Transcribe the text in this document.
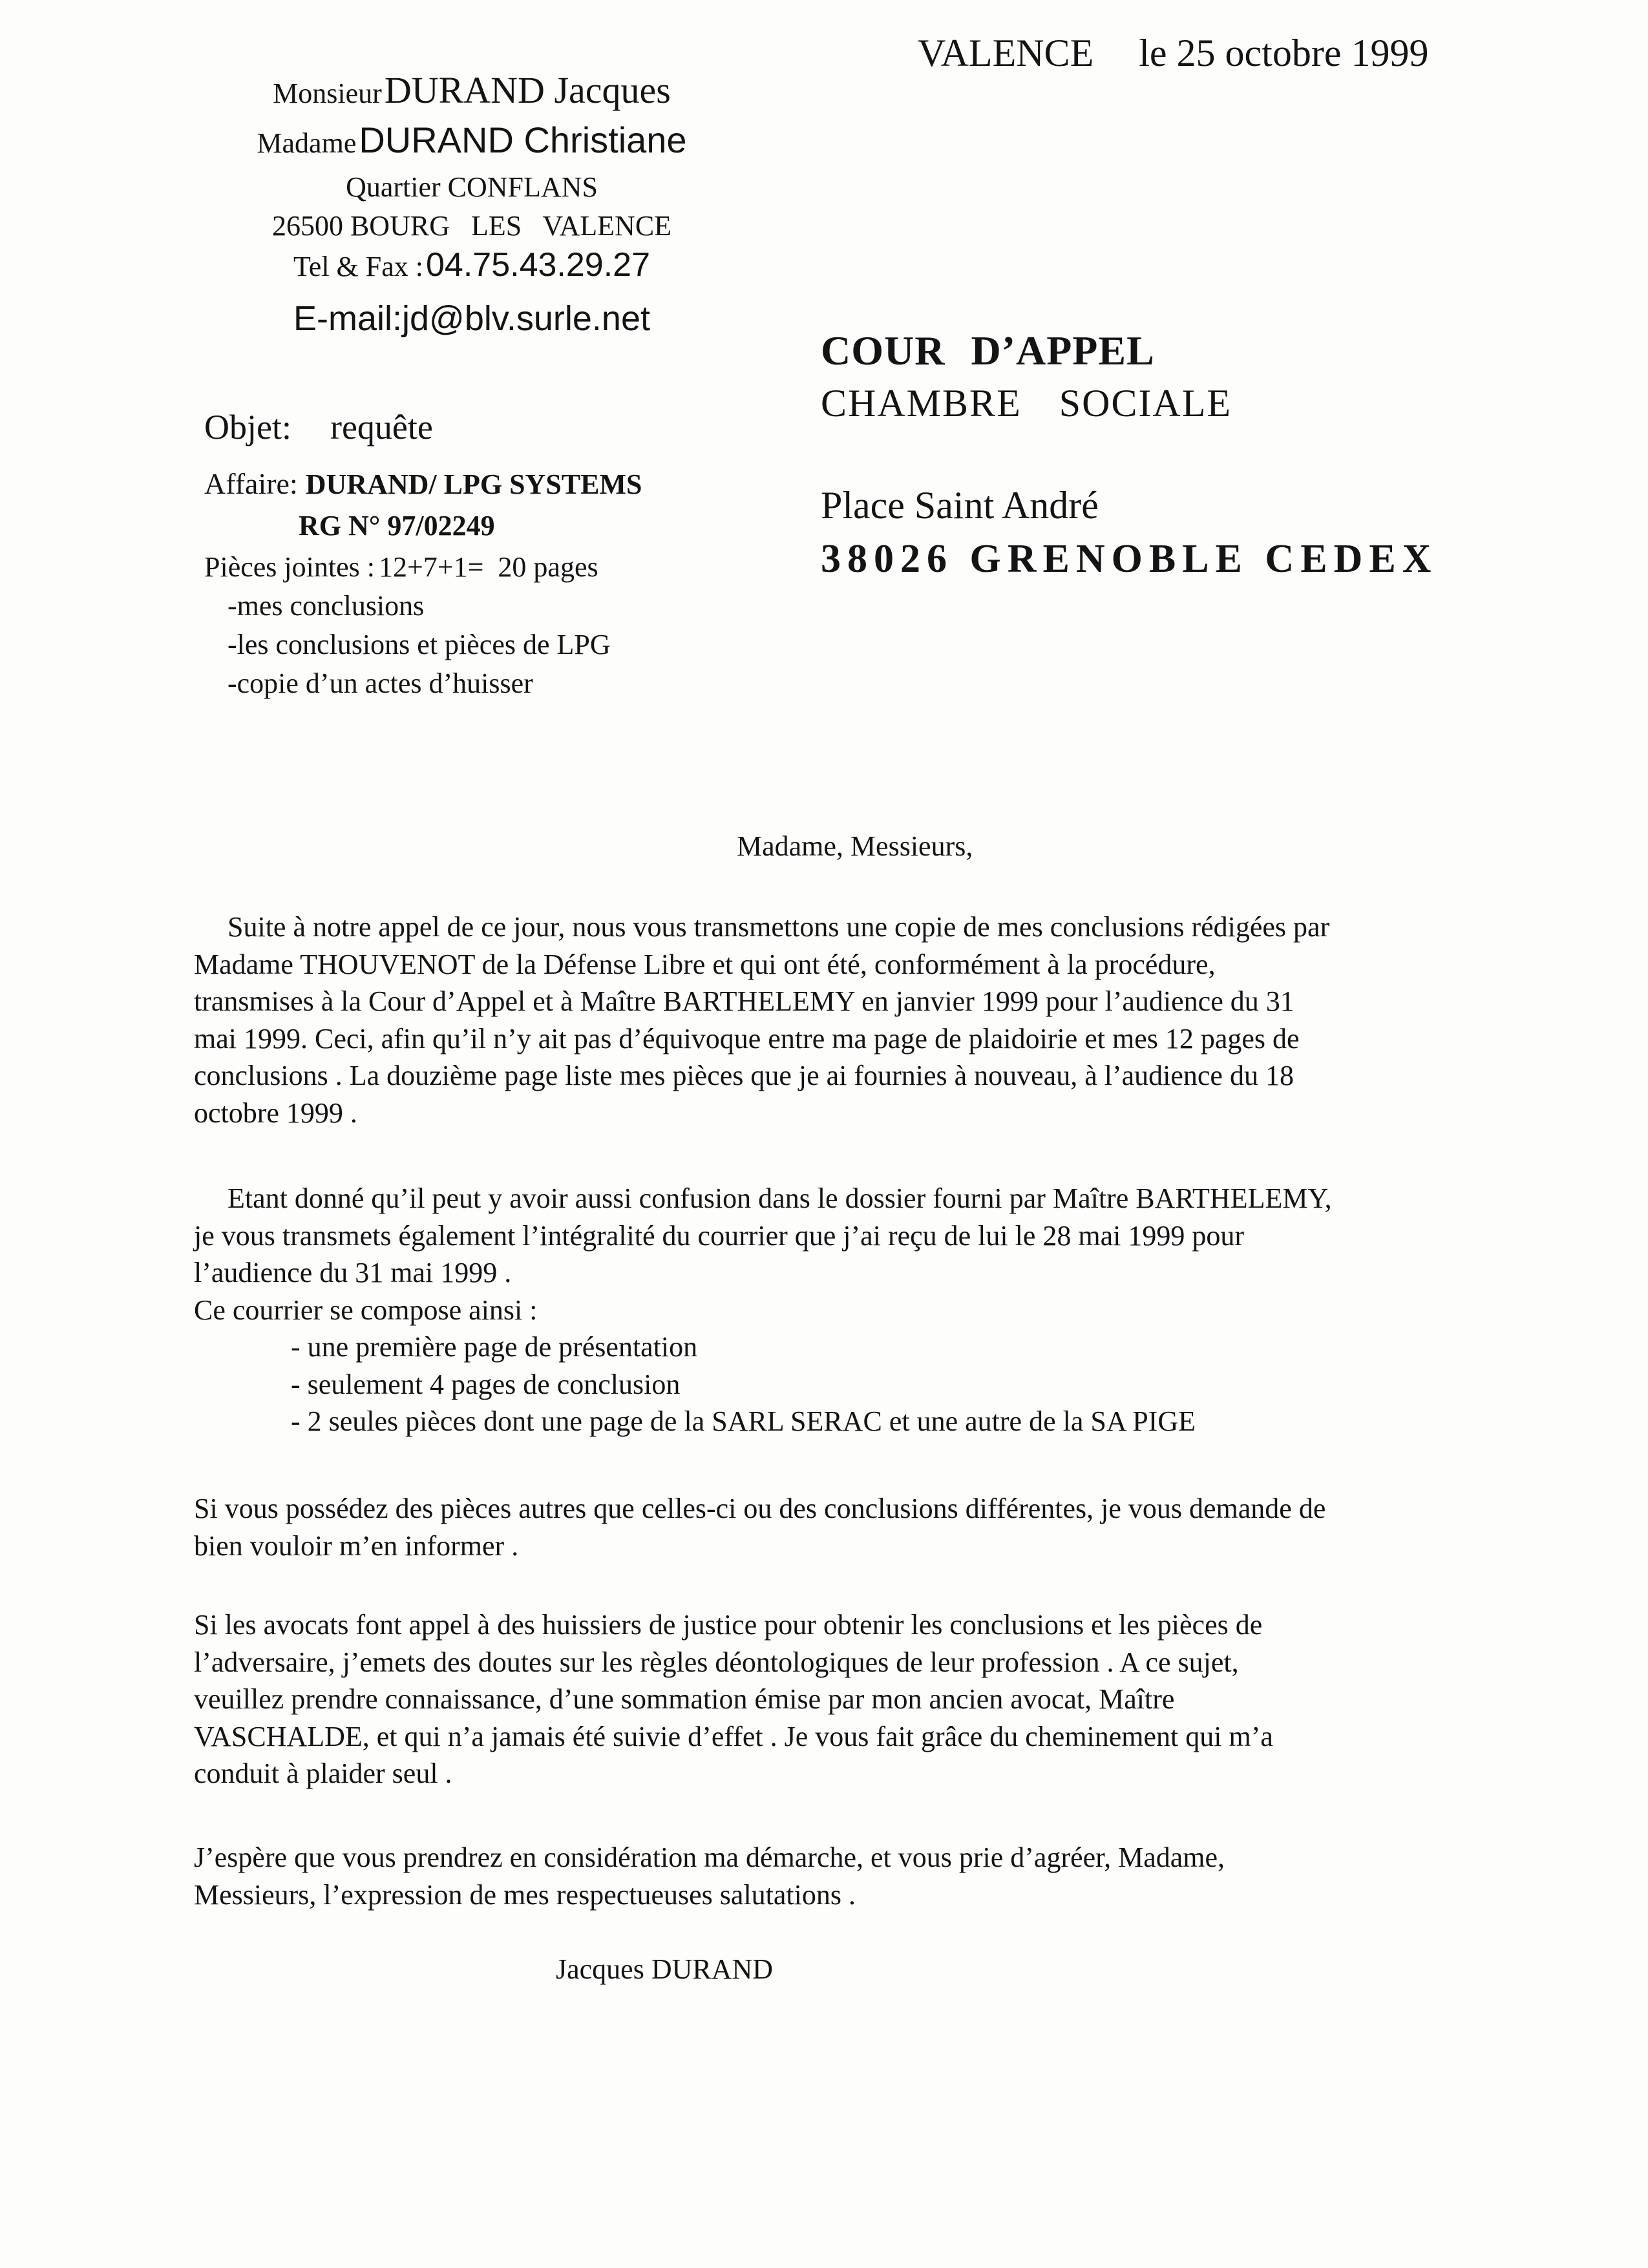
VALENCE le 25 octobre 1999
Monsieur DURAND Jacques
Madame DURAND Christiane
Quartier CONFLANS
26500 BOURG   LES   VALENCE
Tel & Fax : 04.75.43.29.27
E-mail:jd@blv.surle.net
COUR D’APPEL
CHAMBRE SOCIALE
Place Saint André
38026 GRENOBLE CEDEX
Objet: requête
Affaire: DURAND/ LPG SYSTEMS
RG N° 97/02249
Pièces jointes : 12+7+1=  20 pages
-mes conclusions
-les conclusions et pièces de LPG
-copie d’un actes d’huisser
Madame, Messieurs,

Suite à notre appel de ce jour, nous vous transmettons une copie de mes conclusions rédigées par
Madame THOUVENOT de la Défense Libre et qui ont été, conformément à la procédure,
transmises à la Cour d’Appel et à Maître BARTHELEMY en janvier 1999 pour l’audience du 31
mai 1999. Ceci, afin qu’il n’y ait pas d’équivoque entre ma page de plaidoirie et mes 12 pages de
conclusions . La douzième page liste mes pièces que je ai fournies à nouveau, à l’audience du 18
octobre 1999 .

Etant donné qu’il peut y avoir aussi confusion dans le dossier fourni par Maître BARTHELEMY,
je vous transmets également l’intégralité du courrier que j’ai reçu de lui le 28 mai 1999 pour
l’audience du 31 mai 1999 .
Ce courrier se compose ainsi :

- une première page de présentation
- seulement 4 pages de conclusion
- 2 seules pièces dont une page de la SARL SERAC et une autre de la SA PIGE

Si vous possédez des pièces autres que celles-ci ou des conclusions différentes, je vous demande de
bien vouloir m’en informer .

Si les avocats font appel à des huissiers de justice pour obtenir les conclusions et les pièces de
l’adversaire, j’emets des doutes sur les règles déontologiques de leur profession . A ce sujet,
veuillez prendre connaissance, d’une sommation émise par mon ancien avocat, Maître
VASCHALDE, et qui n’a jamais été suivie d’effet . Je vous fait grâce du cheminement qui m’a
conduit à plaider seul .

J’espère que vous prendrez en considération ma démarche, et vous prie d’agréer, Madame,
Messieurs, l’expression de mes respectueuses salutations .

Jacques DURAND
